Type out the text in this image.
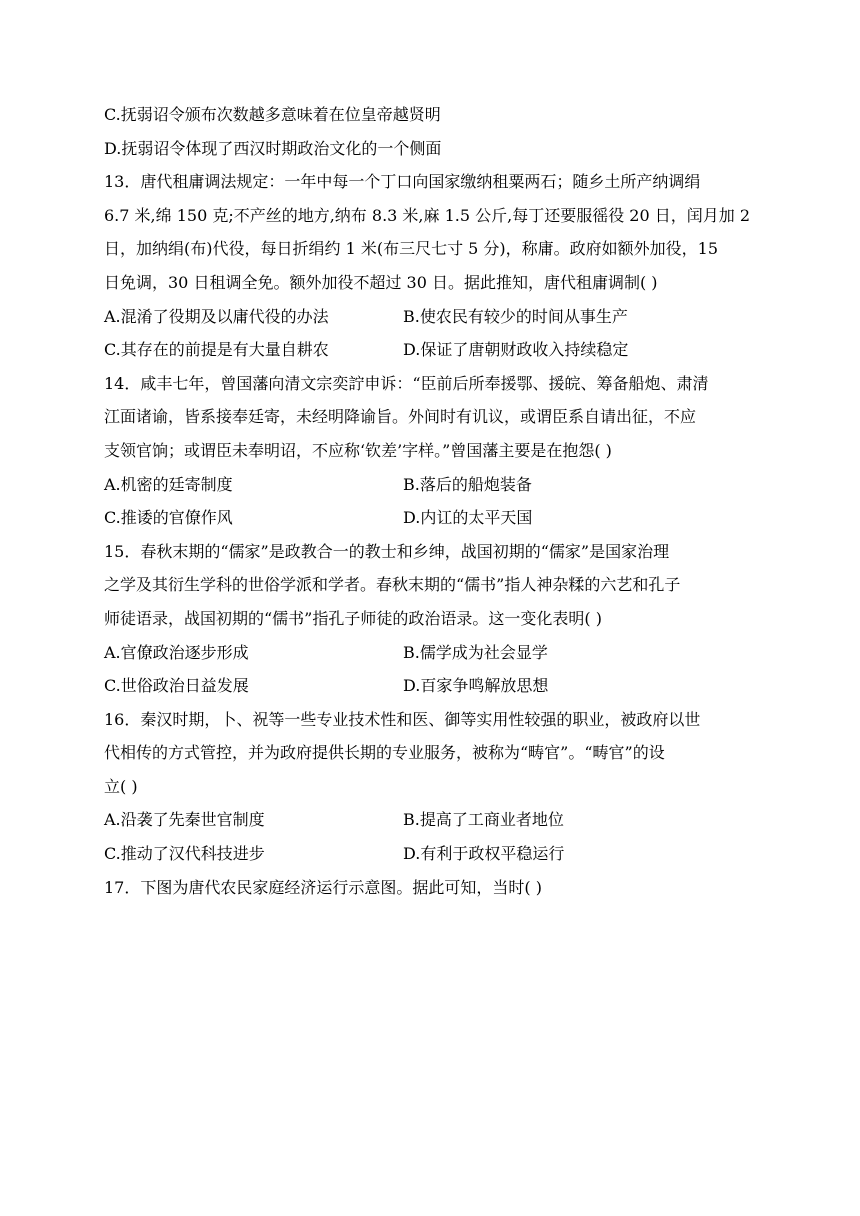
C.抚弱诏令颁布次数越多意味着在位皇帝越贤明
D.抚弱诏令体现了西汉时期政治文化的一个侧面
13．唐代租庸调法规定：一年中每一个丁口向国家缴纳租粟两石；随乡土所产纳调绢
6.7 米,绵 150 克;不产丝的地方,纳布 8.3 米,麻 1.5 公斤,每丁还要服徭役 20 日，闰月加 2
日，加纳绢(布)代役，每日折绢约 1 米(布三尺七寸 5 分)，称庸。政府如额外加役，15
日免调，30 日租调全免。额外加役不超过 30 日。据此推知，唐代租庸调制( )
A.混淆了役期及以庸代役的办法	B.使农民有较少的时间从事生产
C.其存在的前提是有大量自耕农	D.保证了唐朝财政收入持续稳定
14．咸丰七年，曾国藩向清文宗奕詝申诉：“臣前后所奉援鄂、援皖、筹备船炮、肃清
江面诸谕，皆系接奉廷寄，未经明降谕旨。外间时有讥议，或谓臣系自请出征，不应
支领官饷；或谓臣未奉明诏，不应称‘钦差’字样。”曾国藩主要是在抱怨( )
A.机密的廷寄制度	B.落后的船炮装备
C.推诿的官僚作风	D.内讧的太平天国
15．春秋末期的“儒家”是政教合一的教士和乡绅，战国初期的“儒家”是国家治理
之学及其衍生学科的世俗学派和学者。春秋末期的“儒书”指人神杂糅的六艺和孔子
师徒语录，战国初期的“儒书”指孔子师徒的政治语录。这一变化表明( )
A.官僚政治逐步形成	B.儒学成为社会显学
C.世俗政治日益发展	D.百家争鸣解放思想
16．秦汉时期，卜、祝等一些专业技术性和医、御等实用性较强的职业，被政府以世
代相传的方式管控，并为政府提供长期的专业服务，被称为“畴官”。“畴官”的设
立( )
A.沿袭了先秦世官制度	B.提高了工商业者地位
C.推动了汉代科技进步	D.有利于政权平稳运行
17．下图为唐代农民家庭经济运行示意图。据此可知，当时( )
